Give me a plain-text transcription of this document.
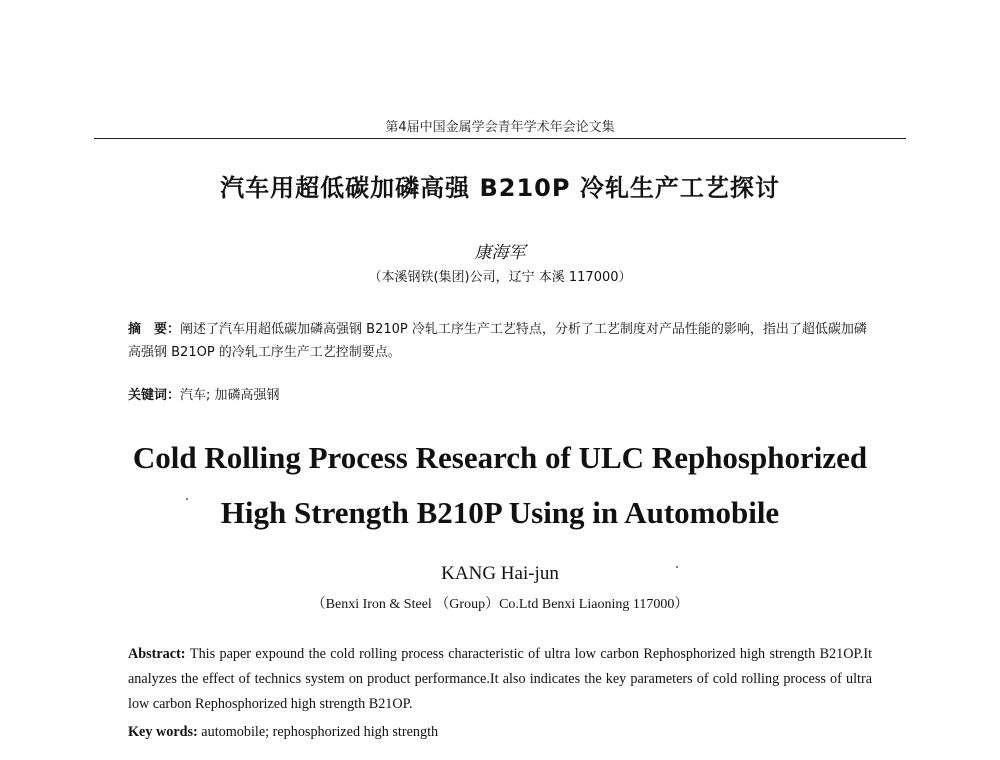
第4届中国金属学会青年学术年会论文集
汽车用超低碳加磷高强 B210P 冷轧生产工艺探讨
康海军
（本溪钢铁(集团)公司，辽宁 本溪 117000）
摘　要：阐述了汽车用超低碳加磷高强钢 B210P 冷轧工序生产工艺特点，分析了工艺制度对产品性能的影响，指出了超低碳加磷高强钢 B21OP 的冷轧工序生产工艺控制要点。
关键词：汽车; 加磷高强钢
Cold Rolling Process Research of ULC Rephosphorized
High Strength B210P Using in Automobile
KANG Hai-jun
（Benxi Iron & Steel （Group）Co.Ltd Benxi Liaoning 117000）
Abstract: This paper expound the cold rolling process characteristic of ultra low carbon Rephosphorized high strength B21OP.It analyzes the effect of technics system on product performance.It also indicates the key parameters of cold rolling process of ultra low carbon Rephosphorized high strength B21OP.
Key words: automobile; rephosphorized high strength
